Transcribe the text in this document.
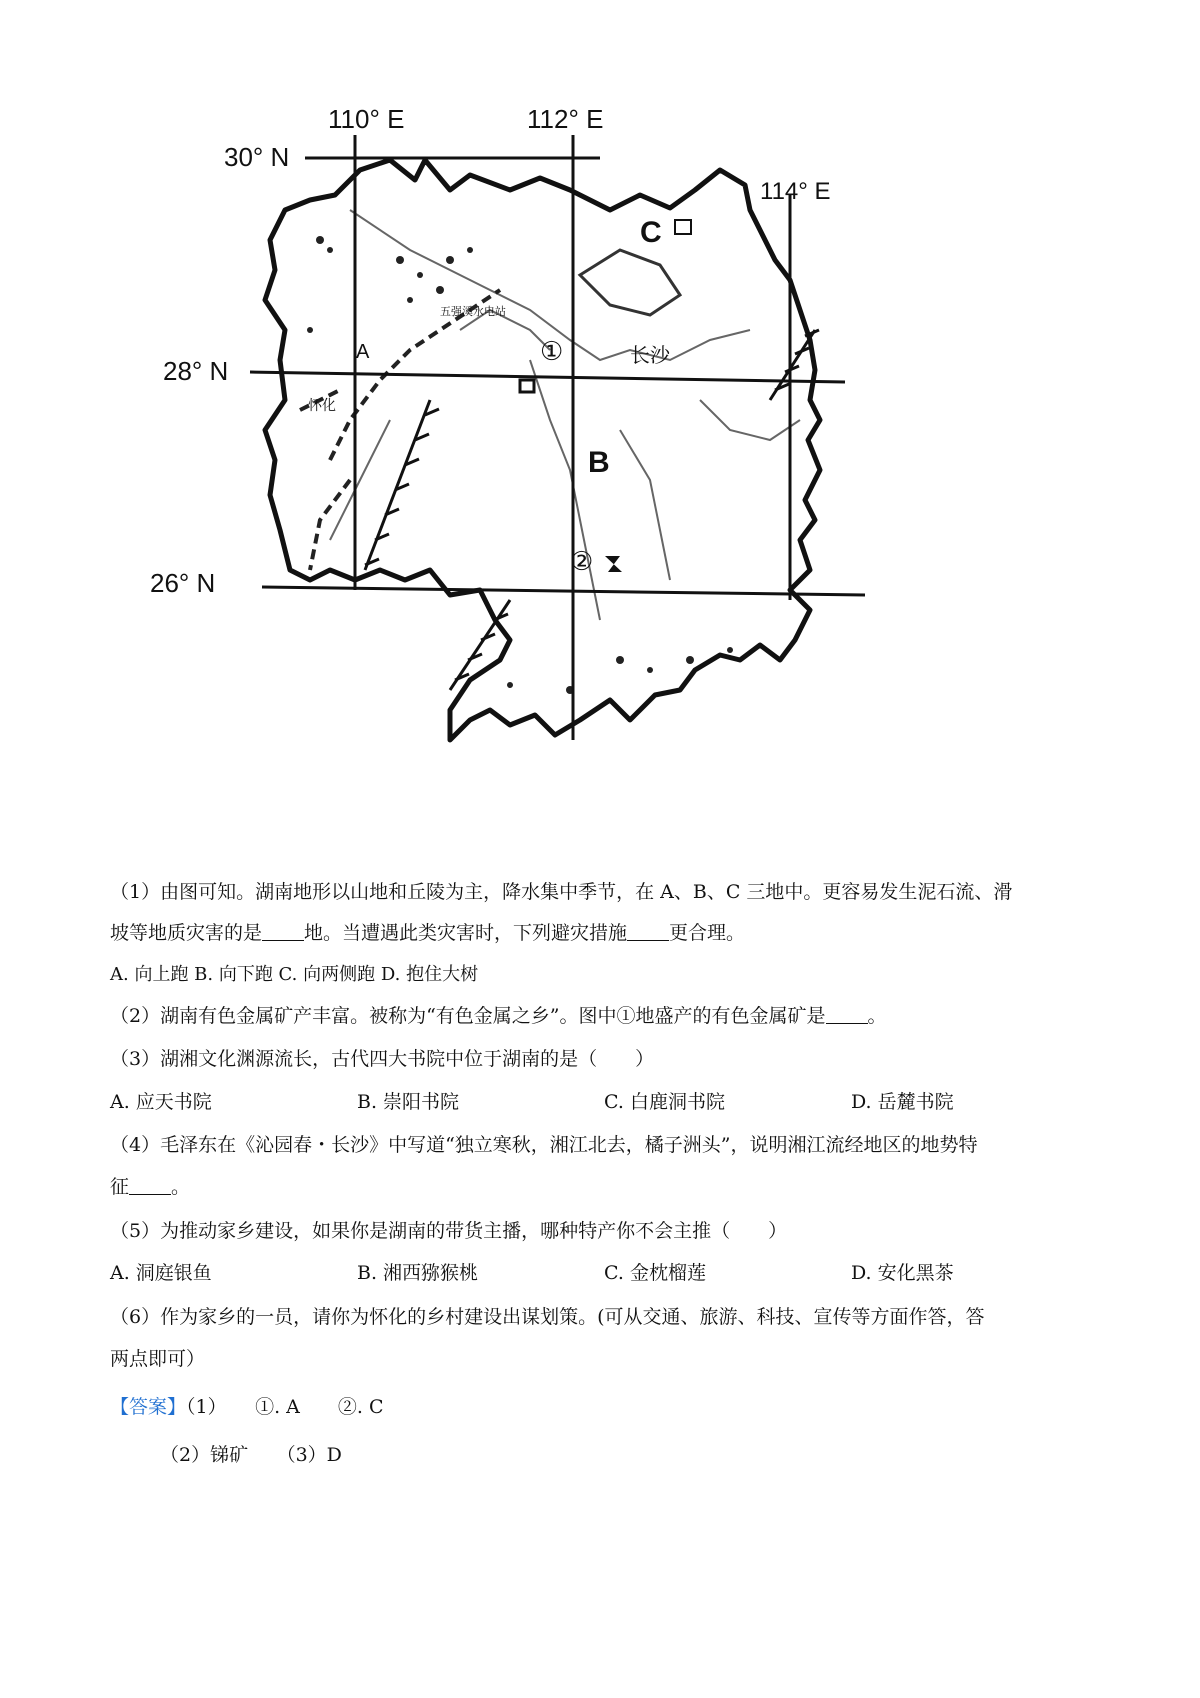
110° E	112° E
114° E
30° N
28° N
26° N
A
B
C
①
②
长沙
怀化
五强溪水电站
（1）由图可知。湖南地形以山地和丘陵为主，降水集中季节，在 A、B、C 三地中。更容易发生泥石流、滑
坡等地质灾害的是 地。当遭遇此类灾害时，下列避灾措施 更合理。
A. 向上跑 B. 向下跑 C. 向两侧跑 D. 抱住大树
（2）湖南有色金属矿产丰富。被称为“有色金属之乡”。图中①地盛产的有色金属矿是 。
（3）湖湘文化渊源流长，古代四大书院中位于湖南的是（　　）
A. 应天书院	B. 崇阳书院	C. 白鹿洞书院	D. 岳麓书院
（4）毛泽东在《沁园春・长沙》中写道“独立寒秋，湘江北去，橘子洲头”，说明湘江流经地区的地势特
征 。
（5）为推动家乡建设，如果你是湖南的带货主播，哪种特产你不会主推（　　）
A. 洞庭银鱼	B. 湘西猕猴桃	C. 金枕榴莲	D. 安化黑茶
（6）作为家乡的一员，请你为怀化的乡村建设出谋划策。(可从交通、旅游、科技、宣传等方面作答，答
两点即可）
【答案】（1）　　①. A　　②. C
（2）锑矿　　（3）D
